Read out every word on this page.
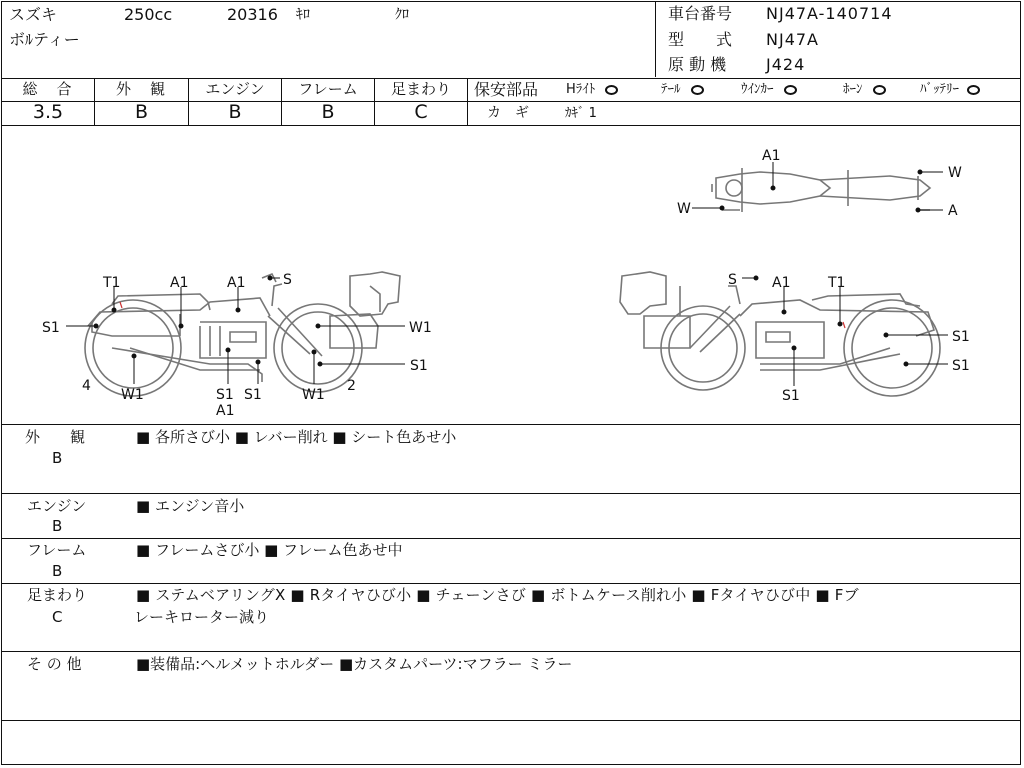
スズキ	250cc	20316 ｷﾛ	ｸﾛ
ボﾙティー
車台番号 NJ47A-140714
型　　式 NJ47A
原 動 機 J424
総　合	外　観	エンジン	フレーム	足まわり
3.5	B	B	B	C
保安部品 Hﾗｲﾄ	ﾃｰﾙ	ｳｲﾝｶｰ	ﾎｰﾝ	ﾊﾞｯﾃﾘｰ
カ　ギ	ｶｷﾞ 1
T1	A1	A1	S
S1	W1
W1
S1
S1 S1	W1
A1
4	2
S	A1	T1
S1
S1
S1
A1
W
W	A
外　　観
B
■ 各所さび小 ■ レバー削れ ■ シート色あせ小
エンジン
B
■ エンジン音小
フレーム
B
■ フレームさび小 ■ フレーム色あせ中
足まわり
C
■ ステムベアリングX ■ Rタイヤひび小 ■ チェーンさび ■ ボトムケース削れ小 ■ Fタイヤひび中 ■ Fブ
レーキローター減り
そ の 他	■装備品:ヘルメットホルダー ■カスタムパーツ:マフラー ミラー
